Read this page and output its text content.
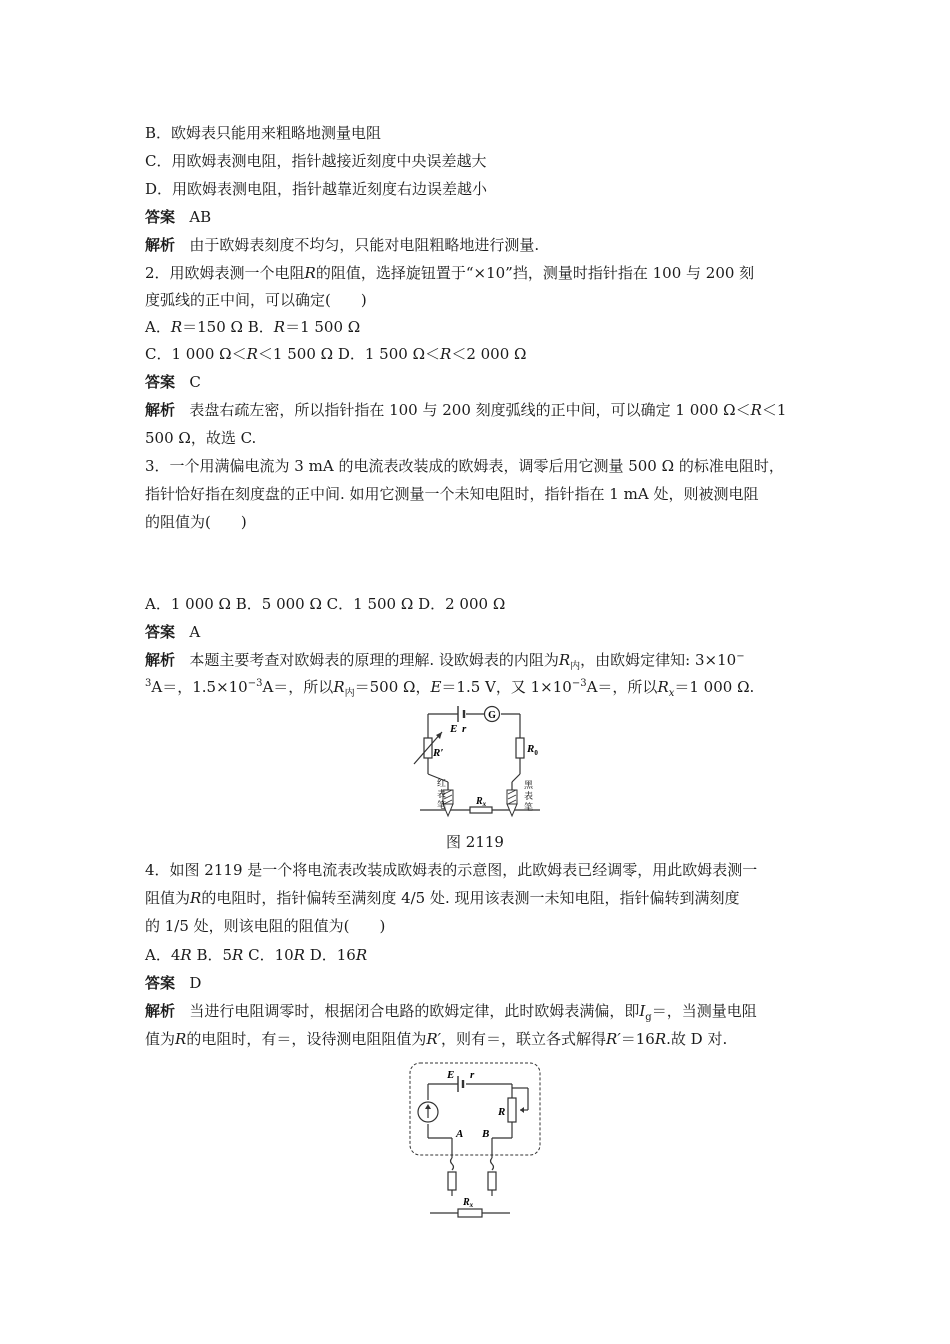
B．欧姆表只能用来粗略地测量电阻
C．用欧姆表测电阻，指针越接近刻度中央误差越大
D．用欧姆表测电阻，指针越靠近刻度右边误差越小
答案 AB
解析 由于欧姆表刻度不均匀，只能对电阻粗略地进行测量.
2．用欧姆表测一个电阻R的阻值，选择旋钮置于“×10”挡，测量时指针指在 100 与 200 刻
度弧线的正中间，可以确定(　　)
A．R＝150 Ω B．R＝1 500 Ω
C．1 000 Ω＜R＜1 500 Ω D．1 500 Ω＜R＜2 000 Ω
答案 C
解析 表盘右疏左密，所以指针指在 100 与 200 刻度弧线的正中间，可以确定 1 000 Ω＜R＜1
500 Ω，故选 C.
3．一个用满偏电流为 3 mA 的电流表改装成的欧姆表，调零后用它测量 500 Ω 的标准电阻时，
指针恰好指在刻度盘的正中间. 如用它测量一个未知电阻时，指针指在 1 mA 处，则被测电阻
的阻值为(　　)
A．1 000 Ω B．5 000 Ω C．1 500 Ω D．2 000 Ω
答案 A
解析 本题主要考查对欧姆表的原理的理解. 设欧姆表的内阻为$R_内$，由欧姆定律知: 3×10−
$^3$A＝，$1.5\times 10^{-3}A=$，所以$R_内=500$ Ω，E＝1.5 V，又 $1\times 10^{-3}A=$，所以$R_x=1$ 000 Ω.
G
E r
R′	$R_0$
$R_x$
红
表
笔
黑
表
笔
图 2119
4．如图 2119 是一个将电流表改装成欧姆表的示意图，此欧姆表已经调零，用此欧姆表测一
阻值为R的电阻时，指针偏转至满刻度 4/5 处. 现用该表测一未知电阻，指针偏转到满刻度
的 1/5 处，则该电阻的阻值为(　　)
A．4R B．5R C．10R D．16R
答案 D
解析 当进行电阻调零时，根据闭合电路的欧姆定律，此时欧姆表满偏，即$I_g=$，当测量电阻
值为R的电阻时，有＝，设待测电阻阻值为R′，则有＝，联立各式解得R′＝16R.故 D 对.
E r
R
A B
$R_x$
